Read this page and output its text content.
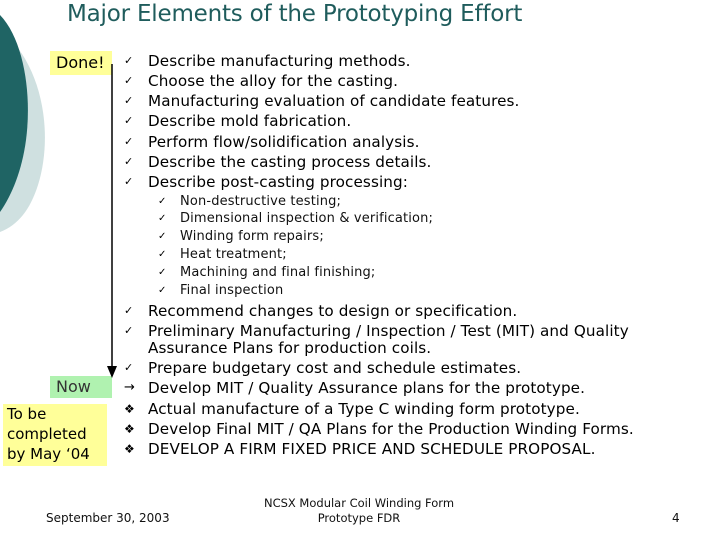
Major Elements of the Prototyping Effort
Done!
Now
To be
completed
by May ‘04
✓ Describe manufacturing methods.
✓ Choose the alloy for the casting.
✓ Manufacturing evaluation of candidate features.
✓ Describe mold fabrication.
✓ Perform flow/solidification analysis.
✓ Describe the casting process details.
✓ Describe post-casting processing:
✓ Non-destructive testing;
✓ Dimensional inspection & verification;
✓ Winding form repairs;
✓ Heat treatment;
✓ Machining and final finishing;
✓ Final inspection
✓ Recommend changes to design or specification.
✓ Preliminary Manufacturing / Inspection / Test (MIT) and Quality
Assurance Plans for production coils.
✓ Prepare budgetary cost and schedule estimates.
→ Develop MIT / Quality Assurance plans for the prototype.
❖ Actual manufacture of a Type C winding form prototype.
❖ Develop Final MIT / QA Plans for the Production Winding Forms.
❖ DEVELOP A FIRM FIXED PRICE AND SCHEDULE PROPOSAL.
September 30, 2003
NCSX Modular Coil Winding Form
Prototype FDR	4
